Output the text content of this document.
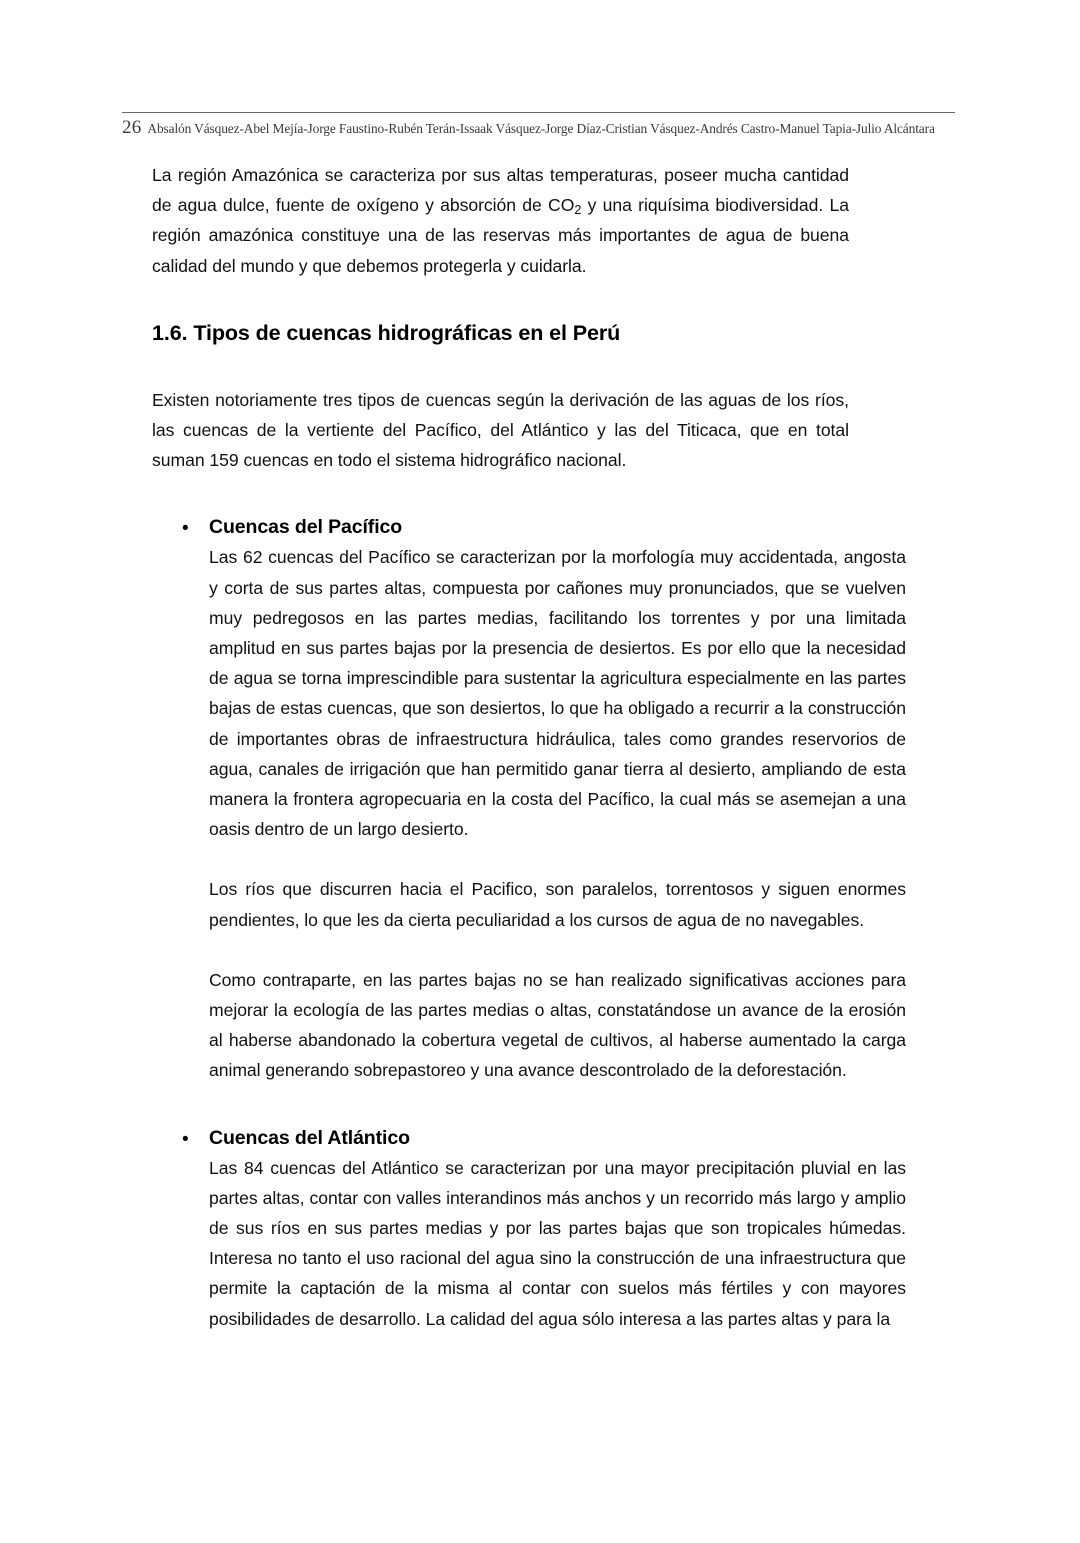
26 Absalón Vásquez-Abel Mejía-Jorge Faustino-Rubén Terán-Issaak Vásquez-Jorge Díaz-Cristian Vásquez-Andrés Castro-Manuel Tapia-Julio Alcántara

La región Amazónica se caracteriza por sus altas temperaturas, poseer mucha cantidad de agua dulce, fuente de oxígeno y absorción de $CO_2$ y una riquísima biodiversidad. La región amazónica constituye una de las reservas más importantes de agua de buena calidad del mundo y que debemos protegerla y cuidarla.

1.6. Tipos de cuencas hidrográficas en el Perú

Existen notoriamente tres tipos de cuencas según la derivación de las aguas de los ríos, las cuencas de la vertiente del Pacífico, del Atlántico y las del Titicaca, que en total suman 159 cuencas en todo el sistema hidrográfico nacional.

• Cuencas del Pacífico

Las 62 cuencas del Pacífico se caracterizan por la morfología muy accidentada, angosta y corta de sus partes altas, compuesta por cañones muy pronunciados, que se vuelven muy pedregosos en las partes medias, facilitando los torrentes y por una limitada amplitud en sus partes bajas por la presencia de desiertos. Es por ello que la necesidad de agua se torna imprescindible para sustentar la agricultura especialmente en las partes bajas de estas cuencas, que son desiertos, lo que ha obligado a recurrir a la construcción de importantes obras de infraestructura hidráulica, tales como grandes reservorios de agua, canales de irrigación que han permitido ganar tierra al desierto, ampliando de esta manera la frontera agropecuaria en la costa del Pacífico, la cual más se asemejan a una oasis dentro de un largo desierto.

Los ríos que discurren hacia el Pacifico, son paralelos, torrentosos y siguen enormes pendientes, lo que les da cierta peculiaridad a los cursos de agua de no navegables.

Como contraparte, en las partes bajas no se han realizado significativas acciones para mejorar la ecología de las partes medias o altas, constatándose un avance de la erosión al haberse abandonado la cobertura vegetal de cultivos, al haberse aumentado la carga animal generando sobrepastoreo y una avance descontrolado de la deforestación.

• Cuencas del Atlántico

Las 84 cuencas del Atlántico se caracterizan por una mayor precipitación pluvial en las partes altas, contar con valles interandinos más anchos y un recorrido más largo y amplio de sus ríos en sus partes medias y por las partes bajas que son tropicales húmedas. Interesa no tanto el uso racional del agua sino la construcción de una infraestructura que permite la captación de la misma al contar con suelos más fértiles y con mayores posibilidades de desarrollo. La calidad del agua sólo interesa a las partes altas y para la
